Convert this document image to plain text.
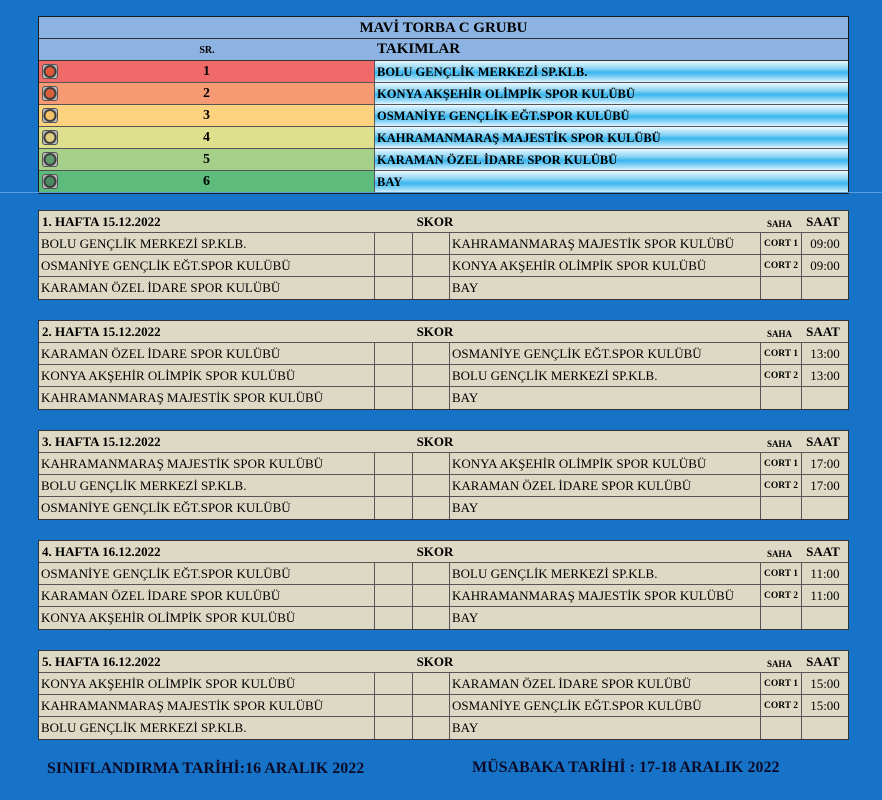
MAVİ TORBA C GRUBU
SR.	TAKIMLAR
1	BOLU GENÇLİK MERKEZİ SP.KLB.
2	KONYA AKŞEHİR OLİMPİK SPOR KULÜBÜ
3	OSMANİYE GENÇLİK EĞT.SPOR KULÜBÜ
4	KAHRAMANMARAŞ MAJESTİK SPOR KULÜBÜ
5	KARAMAN ÖZEL İDARE SPOR KULÜBÜ
6	BAY
1. HAFTA 15.12.2022	SKOR	SAHA	SAAT
BOLU GENÇLİK MERKEZİ SP.KLB.	KAHRAMANMARAŞ MAJESTİK SPOR KULÜBÜ	CORT 1 09:00
OSMANİYE GENÇLİK EĞT.SPOR KULÜBÜ	KONYA AKŞEHİR OLİMPİK SPOR KULÜBÜ	CORT 2 09:00
KARAMAN ÖZEL İDARE SPOR KULÜBÜ	BAY
2. HAFTA 15.12.2022	SKOR	SAHA	SAAT
KARAMAN ÖZEL İDARE SPOR KULÜBÜ	OSMANİYE GENÇLİK EĞT.SPOR KULÜBÜ	CORT 1 13:00
KONYA AKŞEHİR OLİMPİK SPOR KULÜBÜ	BOLU GENÇLİK MERKEZİ SP.KLB.	CORT 2 13:00
KAHRAMANMARAŞ MAJESTİK SPOR KULÜBÜ	BAY
3. HAFTA 15.12.2022	SKOR	SAHA	SAAT
KAHRAMANMARAŞ MAJESTİK SPOR KULÜBÜ	KONYA AKŞEHİR OLİMPİK SPOR KULÜBÜ	CORT 1 17:00
BOLU GENÇLİK MERKEZİ SP.KLB.	KARAMAN ÖZEL İDARE SPOR KULÜBÜ	CORT 2 17:00
OSMANİYE GENÇLİK EĞT.SPOR KULÜBÜ	BAY
4. HAFTA 16.12.2022	SKOR	SAHA	SAAT
OSMANİYE GENÇLİK EĞT.SPOR KULÜBÜ	BOLU GENÇLİK MERKEZİ SP.KLB.	CORT 1 11:00
KARAMAN ÖZEL İDARE SPOR KULÜBÜ	KAHRAMANMARAŞ MAJESTİK SPOR KULÜBÜ	CORT 2 11:00
KONYA AKŞEHİR OLİMPİK SPOR KULÜBÜ	BAY
5. HAFTA 16.12.2022	SKOR	SAHA	SAAT
KONYA AKŞEHİR OLİMPİK SPOR KULÜBÜ	KARAMAN ÖZEL İDARE SPOR KULÜBÜ	CORT 1 15:00
KAHRAMANMARAŞ MAJESTİK SPOR KULÜBÜ	OSMANİYE GENÇLİK EĞT.SPOR KULÜBÜ	CORT 2 15:00
BOLU GENÇLİK MERKEZİ SP.KLB.	BAY
SINIFLANDIRMA TARİHİ:16 ARALIK 2022	MÜSABAKA TARİHİ : 17-18 ARALIK 2022
